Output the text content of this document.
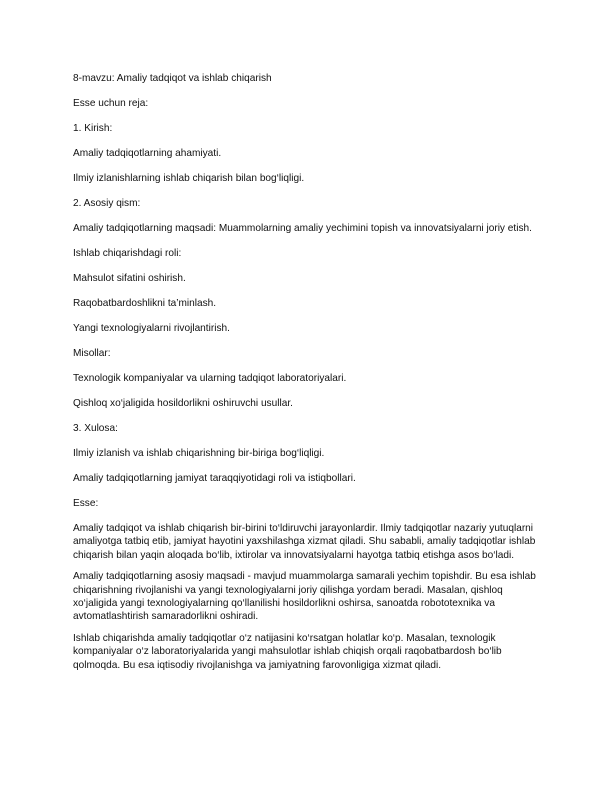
8-mavzu: Amaliy tadqiqot va ishlab chiqarish

Esse uchun reja:

1. Kirish:

Amaliy tadqiqotlarning ahamiyati.

Ilmiy izlanishlarning ishlab chiqarish bilan bog‘liqligi.

2. Asosiy qism:

Amaliy tadqiqotlarning maqsadi: Muammolarning amaliy yechimini topish va innovatsiyalarni joriy etish.

Ishlab chiqarishdagi roli:

Mahsulot sifatini oshirish.

Raqobatbardoshlikni ta’minlash.

Yangi texnologiyalarni rivojlantirish.

Misollar:

Texnologik kompaniyalar va ularning tadqiqot laboratoriyalari.

Qishloq xo‘jaligida hosildorlikni oshiruvchi usullar.

3. Xulosa:

Ilmiy izlanish va ishlab chiqarishning bir-biriga bog‘liqligi.

Amaliy tadqiqotlarning jamiyat taraqqiyotidagi roli va istiqbollari.

Esse:

Amaliy tadqiqot va ishlab chiqarish bir-birini to‘ldiruvchi jarayonlardir. Ilmiy tadqiqotlar nazariy yutuqlarni amaliyotga tatbiq etib, jamiyat hayotini yaxshilashga xizmat qiladi. Shu sababli, amaliy tadqiqotlar ishlab chiqarish bilan yaqin aloqada bo‘lib, ixtirolar va innovatsiyalarni hayotga tatbiq etishga asos bo‘ladi.

Amaliy tadqiqotlarning asosiy maqsadi - mavjud muammolarga samarali yechim topishdir. Bu esa ishlab chiqarishning rivojlanishi va yangi texnologiyalarni joriy qilishga yordam beradi. Masalan, qishloq xo‘jaligida yangi texnologiyalarning qo‘llanilishi hosildorlikni oshirsa, sanoatda robototexnika va avtomatlashtirish samaradorlikni oshiradi.

Ishlab chiqarishda amaliy tadqiqotlar o‘z natijasini ko‘rsatgan holatlar ko‘p. Masalan, texnologik kompaniyalar o‘z laboratoriyalarida yangi mahsulotlar ishlab chiqish orqali raqobatbardosh bo‘lib qolmoqda. Bu esa iqtisodiy rivojlanishga va jamiyatning farovonligiga xizmat qiladi.
